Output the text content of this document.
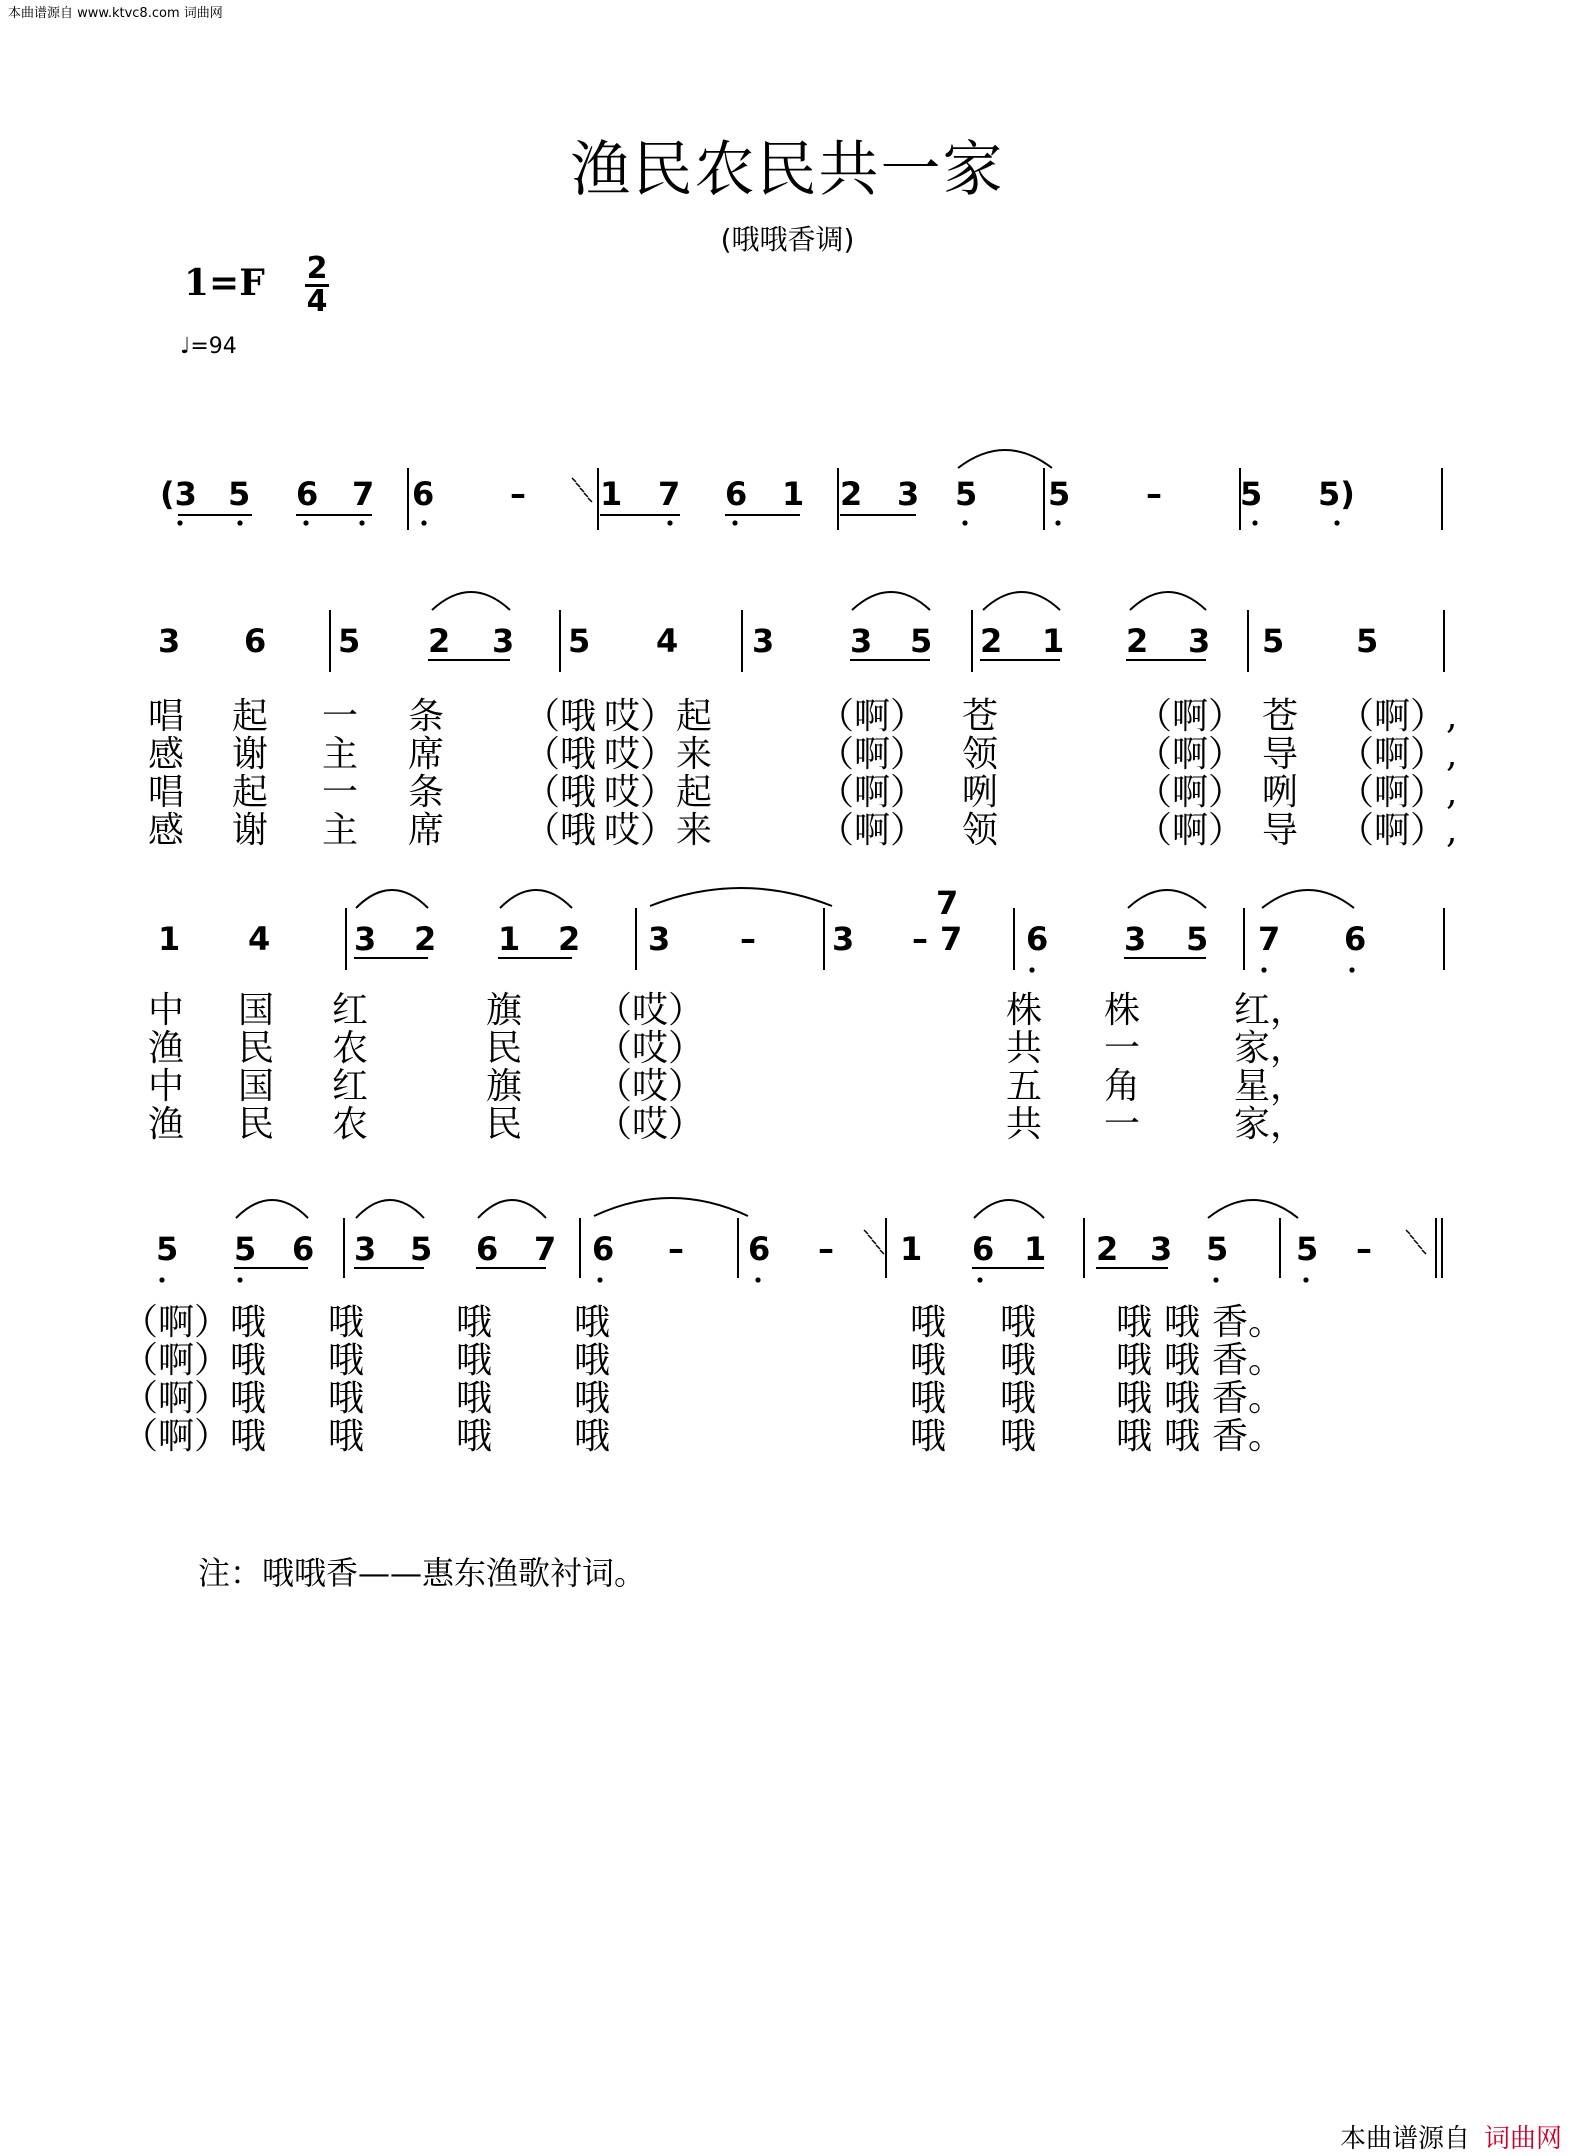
本曲谱源自 www.ktvc8.com 词曲网
渔民农民共一家
(哦哦香调)
1=F 2
4
♩=94
(3 5 6 7 6 – 1 7 6 1 2 3 5 5 – 5 5)
3 6 5 2 3 5 4 3 3 5 2 1 2 3 5 5
唱 起 一 条 （哦 哎）起	（啊） 苍	（啊） 苍 （啊）,
感 谢 主 席 （哦 哎）来	（啊） 领	（啊） 导 （啊）,
唱 起 一 条 （哦 哎）起	（啊） 咧	（啊） 咧 （啊）,
感 谢 主 席 （哦 哎）来	（啊） 领	（啊） 导 （啊）,
1 4	3 2 1 2 3 – 3 – 7 6 3 5 7 6
7
中 国 红	旗 （哎）	株 株	红，
渔 民 农	民 （哎）	共 一	家，
中 国 红	旗 （哎）	五 角	星，
渔 民 农	民 （哎）	共 一	家，
5 5 6 3 5 6 7 6 – 6 – 1 6 1 2 3 5 5 –
（啊）哦 哦	哦 哦	哦 哦 哦 哦 香。
（啊）哦 哦	哦 哦	哦 哦 哦 哦 香。
（啊）哦 哦	哦 哦	哦 哦 哦 哦 香。
（啊）哦 哦	哦 哦	哦 哦 哦 哦 香。
注：哦哦香——惠东渔歌衬词。
本曲谱源自 词曲网
